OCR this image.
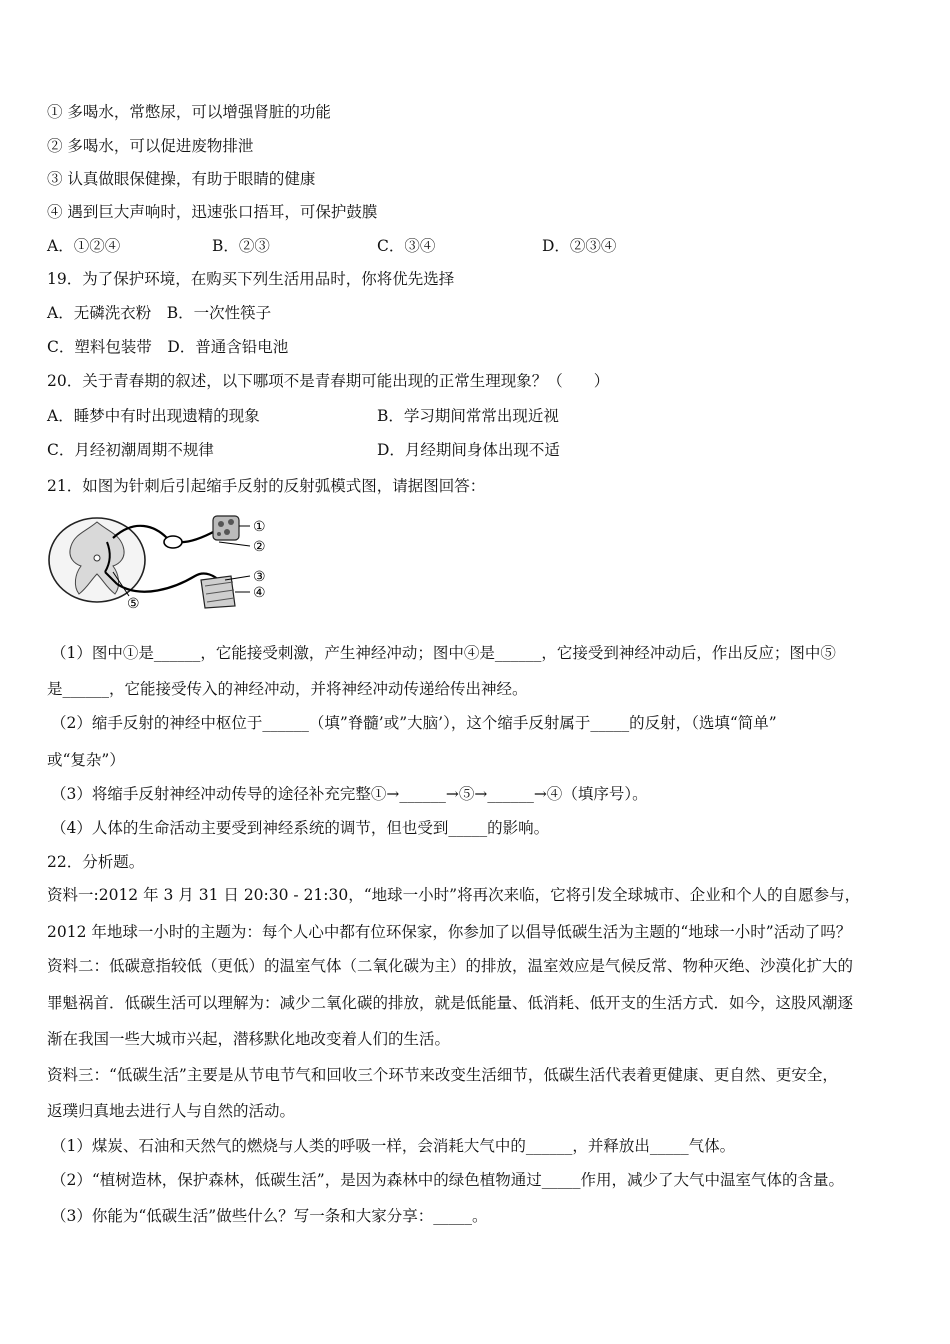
① 多喝水，常憋尿，可以增强肾脏的功能
② 多喝水，可以促进废物排泄
③ 认真做眼保健操，有助于眼睛的健康
④ 遇到巨大声响时，迅速张口捂耳，可保护鼓膜
A．①②④	B．②③	C．③④	D．②③④
19．为了保护环境，在购买下列生活用品时，你将优先选择
A．无磷洗衣粉　B．一次性筷子
C．塑料包装带　D．普通含铅电池
20．关于青春期的叙述，以下哪项不是青春期可能出现的正常生理现象？（　　）
A．睡梦中有时出现遗精的现象	B．学习期间常常出现近视
C．月经初潮周期不规律	D．月经期间身体出现不适
21．如图为针刺后引起缩手反射的反射弧模式图，请据图回答：
①
②
③
④
⑤
（1）图中①是______，它能接受刺激，产生神经冲动；图中④是______，它接受到神经冲动后，作出反应；图中⑤
是______，它能接受传入的神经冲动，并将神经冲动传递给传出神经。
（2）缩手反射的神经中枢位于______（填”脊髓’或”大脑’），这个缩手反射属于_____的反射，（选填“简单”
或“复杂”）
（3）将缩手反射神经冲动传导的途径补充完整①→______→⑤→______→④（填序号）。
（4）人体的生命活动主要受到神经系统的调节，但也受到_____的影响。
22．分析题。
资料一:2012 年 3 月 31 日 20:30 - 21:30，“地球一小时”将再次来临，它将引发全球城市、企业和个人的自愿参与，
2012 年地球一小时的主题为：每个人心中都有位环保家，你参加了以倡导低碳生活为主题的“地球一小时”活动了吗？
资料二：低碳意指较低（更低）的温室气体（二氧化碳为主）的排放，温室效应是气候反常、物种灭绝、沙漠化扩大的
罪魁祸首．低碳生活可以理解为：减少二氧化碳的排放，就是低能量、低消耗、低开支的生活方式．如今，这股风潮逐
渐在我国一些大城市兴起，潜移默化地改变着人们的生活。
资料三：“低碳生活”主要是从节电节气和回收三个环节来改变生活细节，低碳生活代表着更健康、更自然、更安全，
返璞归真地去进行人与自然的活动。
（1）煤炭、石油和天然气的燃烧与人类的呼吸一样，会消耗大气中的______，并释放出_____气体。
（2）“植树造林，保护森林，低碳生活”，是因为森林中的绿色植物通过_____作用，减少了大气中温室气体的含量。
（3）你能为“低碳生活”做些什么？写一条和大家分享：_____。
